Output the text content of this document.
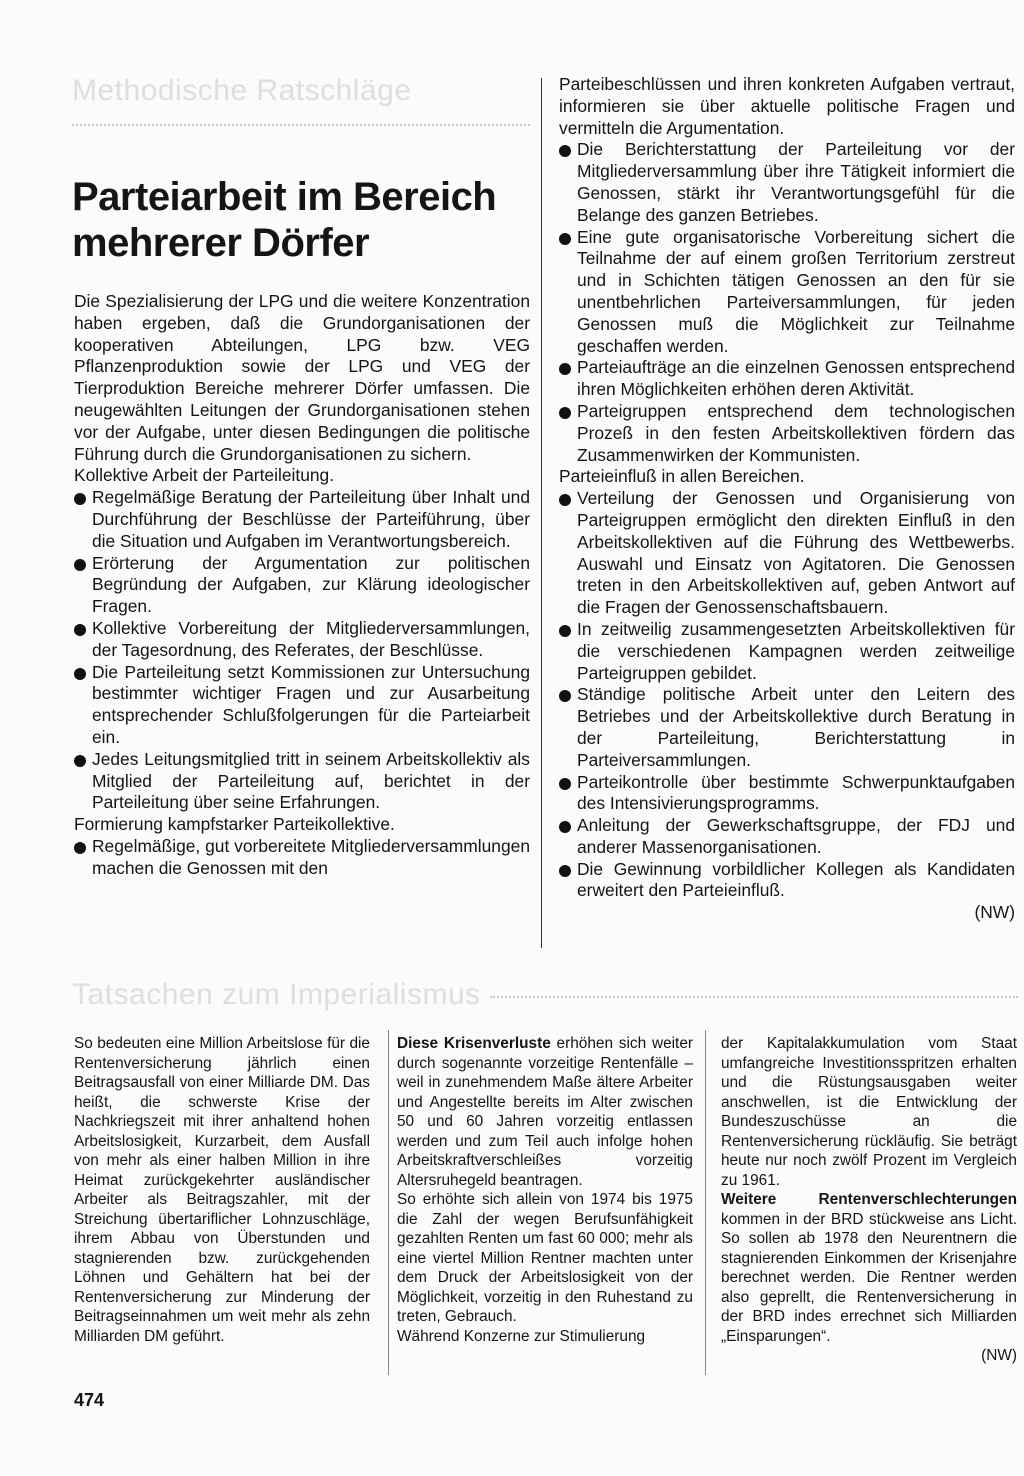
Methodische Ratschläge
Parteiarbeit im Bereich mehrerer Dörfer

Die Spezialisierung der LPG und die weitere Konzentration haben ergeben, daß die Grundorganisationen der kooperativen Abteilungen, LPG bzw. VEG Pflanzenproduktion sowie der LPG und VEG der Tierproduktion Bereiche mehrerer Dörfer umfassen. Die neugewählten Leitungen der Grundorganisationen stehen vor der Aufgabe, unter diesen Bedingungen die politische Führung durch die Grundorganisationen zu sichern.

Kollektive Arbeit der Parteileitung.

Regelmäßige Beratung der Parteileitung über Inhalt und Durchführung der Beschlüsse der Parteiführung, über die Situation und Aufgaben im Verantwortungsbereich.

Erörterung der Argumentation zur politischen Begründung der Aufgaben, zur Klärung ideologischer Fragen.

Kollektive Vorbereitung der Mitgliederversammlungen, der Tagesordnung, des Referates, der Beschlüsse.

Die Parteileitung setzt Kommissionen zur Untersuchung bestimmter wichtiger Fragen und zur Ausarbeitung entsprechender Schlußfolgerungen für die Parteiarbeit ein.

Jedes Leitungsmitglied tritt in seinem Arbeitskollektiv als Mitglied der Parteileitung auf, berichtet in der Parteileitung über seine Erfahrungen.

Formierung kampfstarker Parteikollektive.

Regelmäßige, gut vorbereitete Mitgliederversammlungen machen die Genossen mit den

Parteibeschlüssen und ihren konkreten Aufgaben vertraut, informieren sie über aktuelle politische Fragen und vermitteln die Argumentation.

Die Berichterstattung der Parteileitung vor der Mitgliederversammlung über ihre Tätigkeit informiert die Genossen, stärkt ihr Verantwortungsgefühl für die Belange des ganzen Betriebes.

Eine gute organisatorische Vorbereitung sichert die Teilnahme der auf einem großen Territorium zerstreut und in Schichten tätigen Genossen an den für sie unentbehrlichen Parteiversammlungen, für jeden Genossen muß die Möglichkeit zur Teilnahme geschaffen werden.

Parteiaufträge an die einzelnen Genossen entsprechend ihren Möglichkeiten erhöhen deren Aktivität.

Parteigruppen entsprechend dem technologischen Prozeß in den festen Arbeitskollektiven fördern das Zusammenwirken der Kommunisten.

Parteieinfluß in allen Bereichen.

Verteilung der Genossen und Organisierung von Parteigruppen ermöglicht den direkten Einfluß in den Arbeitskollektiven auf die Führung des Wettbewerbs. Auswahl und Einsatz von Agitatoren. Die Genossen treten in den Arbeitskollektiven auf, geben Antwort auf die Fragen der Genossenschaftsbauern.

In zeitweilig zusammengesetzten Arbeitskollektiven für die verschiedenen Kampagnen werden zeitweilige Parteigruppen gebildet.

Ständige politische Arbeit unter den Leitern des Betriebes und der Arbeitskollektive durch Beratung in der Parteileitung, Berichterstattung in Parteiversammlungen.

Parteikontrolle über bestimmte Schwerpunktaufgaben des Intensivierungsprogramms.

Anleitung der Gewerkschaftsgruppe, der FDJ und anderer Massenorganisationen.

Die Gewinnung vorbildlicher Kollegen als Kandidaten erweitert den Parteieinfluß.
(NW)

Tatsachen zum Imperialismus

So bedeuten eine Million Arbeitslose für die Rentenversicherung jährlich einen Beitragsausfall von einer Milliarde DM. Das heißt, die schwerste Krise der Nachkriegszeit mit ihrer anhaltend hohen Arbeitslosigkeit, Kurzarbeit, dem Ausfall von mehr als einer halben Million in ihre Heimat zurückgekehrter ausländischer Arbeiter als Beitragszahler, mit der Streichung übertariflicher Lohnzuschläge, ihrem Abbau von Überstunden und stagnierenden bzw. zurückgehenden Löhnen und Gehältern hat bei der Rentenversicherung zur Minderung der Beitragseinnahmen um weit mehr als zehn Milliarden DM geführt.

Diese Krisenverluste erhöhen sich weiter durch sogenannte vorzeitige Rentenfälle – weil in zunehmendem Maße ältere Arbeiter und Angestellte bereits im Alter zwischen 50 und 60 Jahren vorzeitig entlassen werden und zum Teil auch infolge hohen Arbeitskraftverschleißes vorzeitig Altersruhegeld beantragen.

So erhöhte sich allein von 1974 bis 1975 die Zahl der wegen Berufsunfähigkeit gezahlten Renten um fast 60 000; mehr als eine viertel Million Rentner machten unter dem Druck der Arbeitslosigkeit von der Möglichkeit, vorzeitig in den Ruhestand zu treten, Gebrauch.

Während Konzerne zur Stimulierung

der Kapitalakkumulation vom Staat umfangreiche Investitionsspritzen erhalten und die Rüstungsausgaben weiter anschwellen, ist die Entwicklung der Bundeszuschüsse an die Rentenversicherung rückläufig. Sie beträgt heute nur noch zwölf Prozent im Vergleich zu 1961.

Weitere Rentenverschlechterungen kommen in der BRD stückweise ans Licht. So sollen ab 1978 den Neurentnern die stagnierenden Einkommen der Krisenjahre berechnet werden. Die Rentner werden also geprellt, die Rentenversicherung in der BRD indes errechnet sich Milliarden „Einsparungen“.
(NW)

474
